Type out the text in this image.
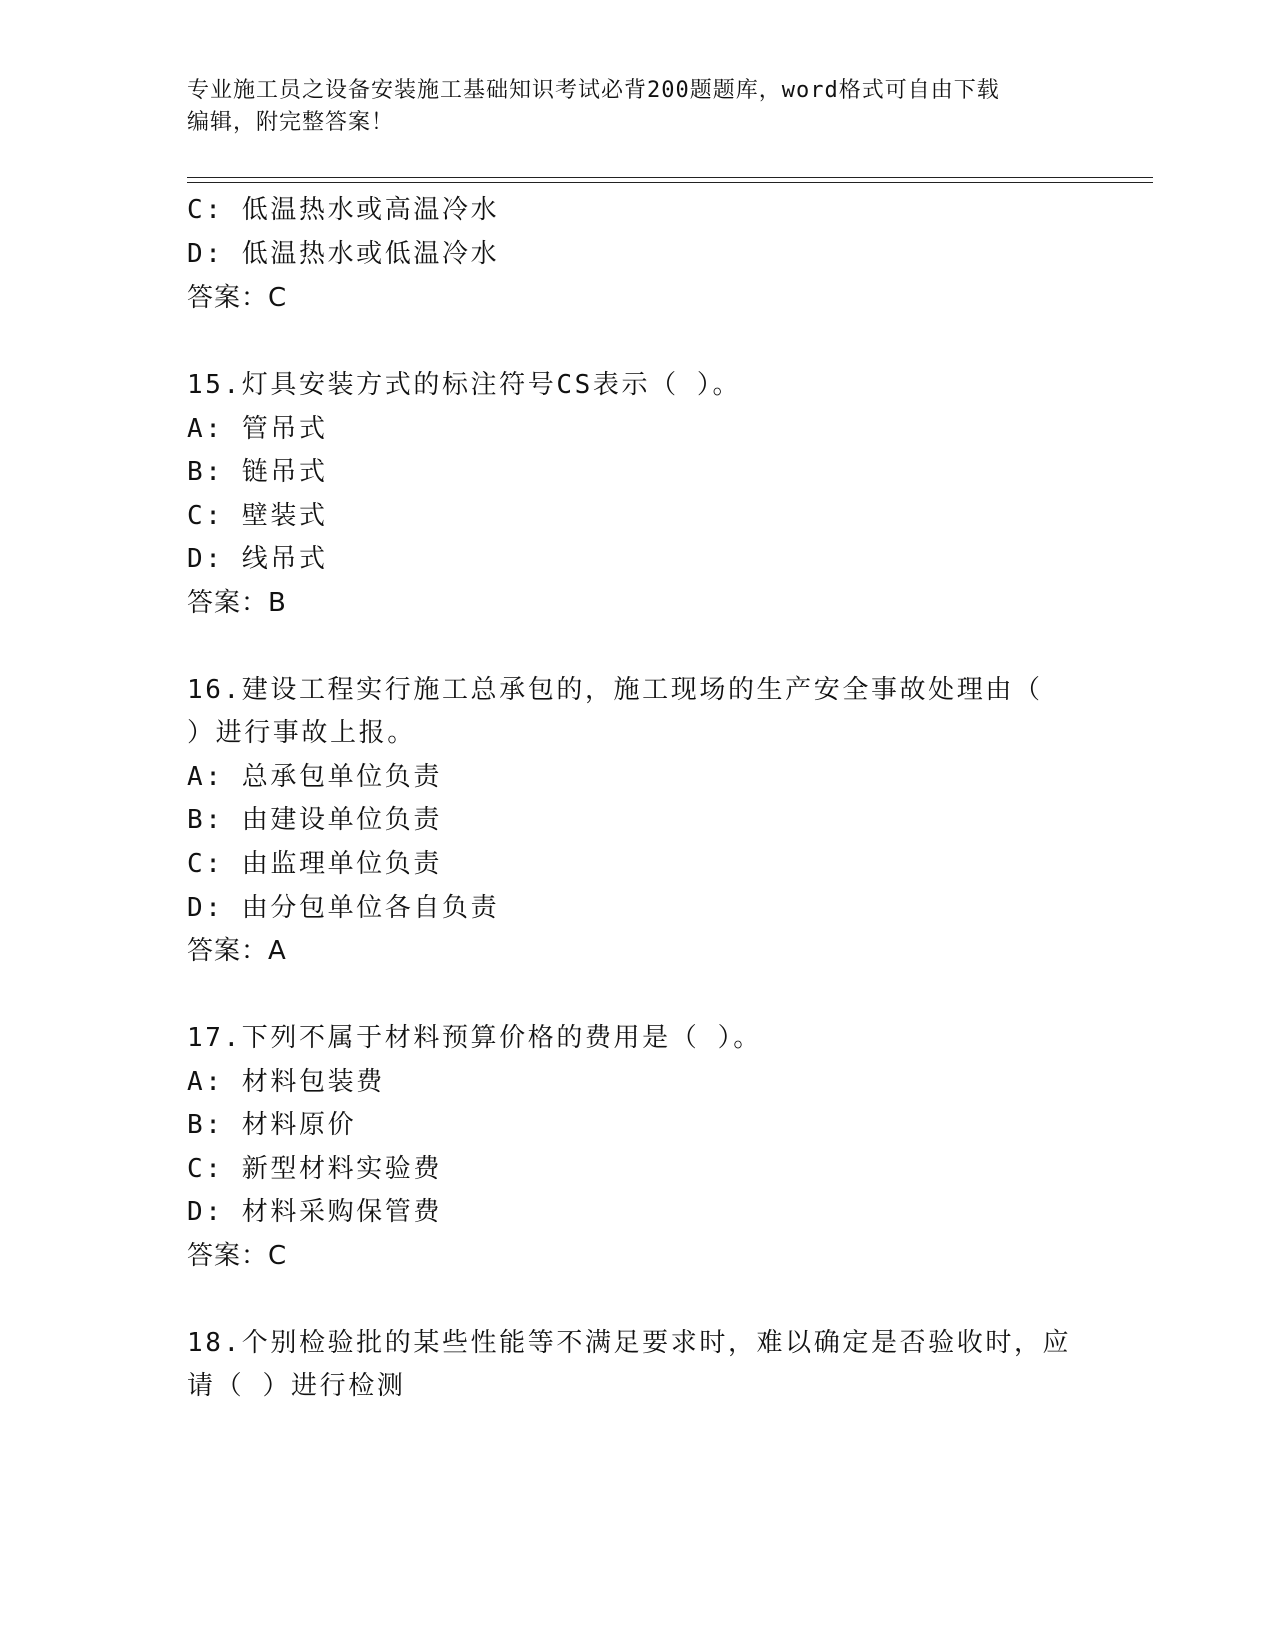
专业施工员之设备安装施工基础知识考试必背200题题库，word格式可自由下载
编辑，附完整答案！
C: 低温热水或高温冷水
D: 低温热水或低温冷水
答案：C
15.灯具安装方式的标注符号CS表示（ ）。
A: 管吊式
B: 链吊式
C: 壁装式
D: 线吊式
答案：B
16.建设工程实行施工总承包的，施工现场的生产安全事故处理由（
）进行事故上报。
A: 总承包单位负责
B: 由建设单位负责
C: 由监理单位负责
D: 由分包单位各自负责
答案：A
17.下列不属于材料预算价格的费用是（ ）。
A: 材料包装费
B: 材料原价
C: 新型材料实验费
D: 材料采购保管费
答案：C
18.个别检验批的某些性能等不满足要求时，难以确定是否验收时，应
请（ ）进行检测
